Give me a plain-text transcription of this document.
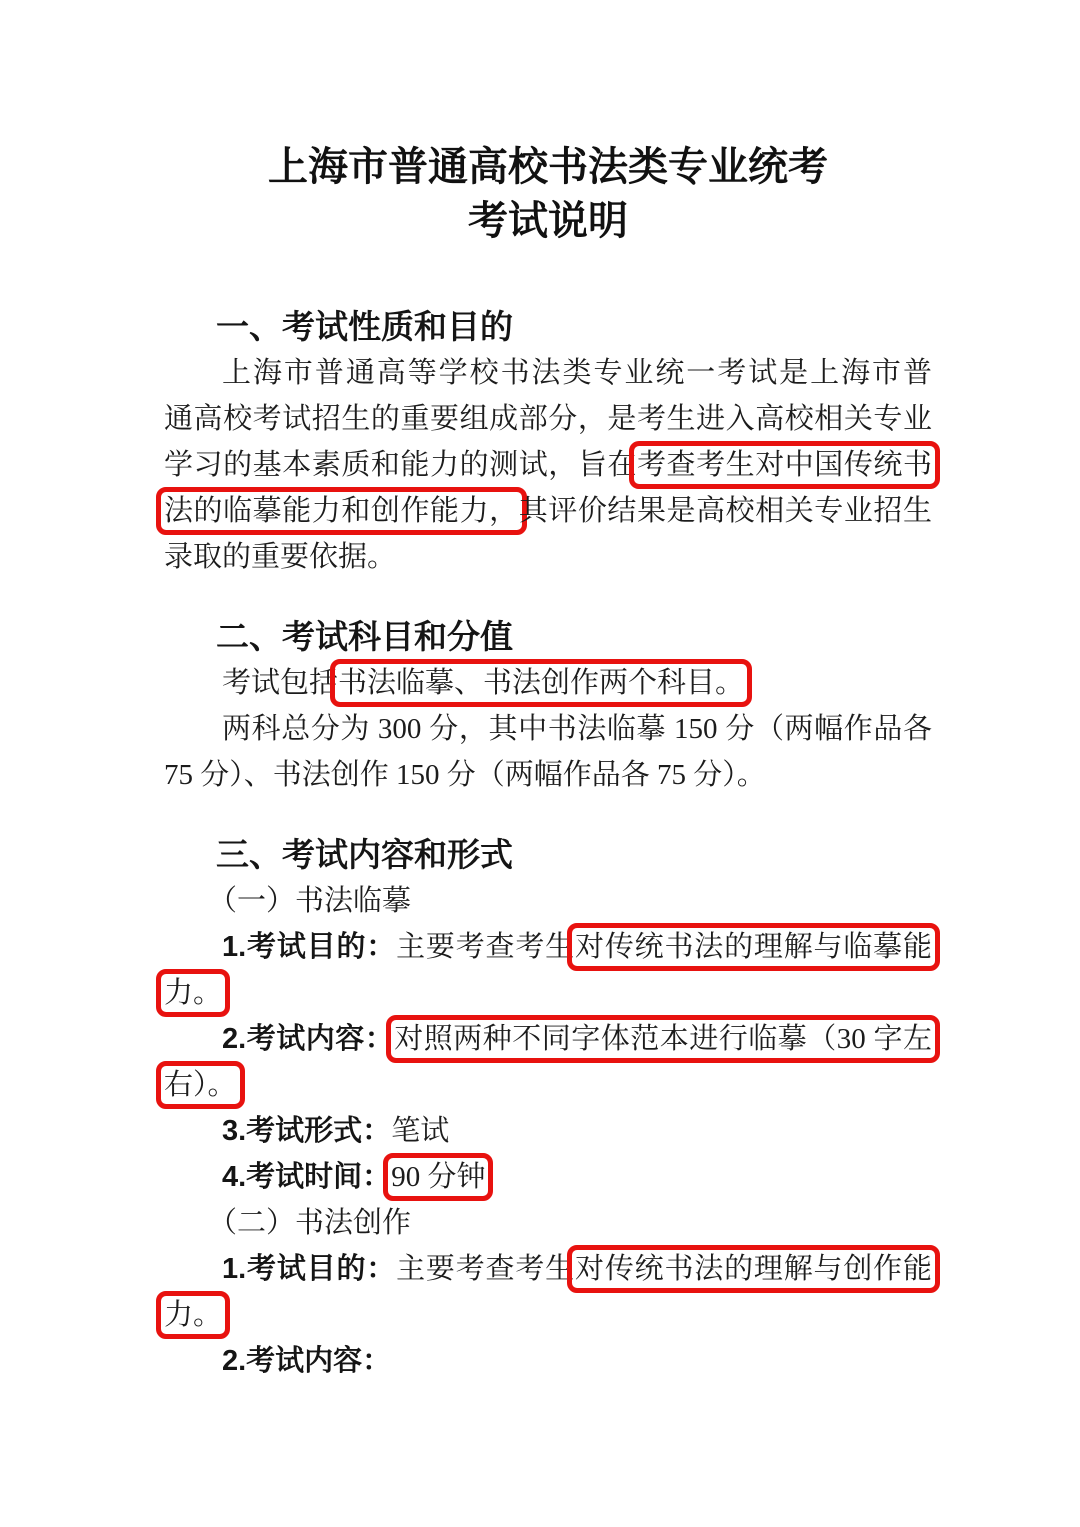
上海市普通高校书法类专业统考
考试说明
一、考试性质和目的
上海市普通高等学校书法类专业统一考试是上海市普
通高校考试招生的重要组成部分，是考生进入高校相关专业
学习的基本素质和能力的测试，旨在考查考生对中国传统书
法的临摹能力和创作能力，其评价结果是高校相关专业招生
录取的重要依据。
二、考试科目和分值
考试包括书法临摹、书法创作两个科目。
两科总分为 300 分，其中书法临摹 150 分（两幅作品各
75 分）、书法创作 150 分（两幅作品各 75 分）。
三、考试内容和形式
（一）书法临摹
1.考试目的：主要考查考生对传统书法的理解与临摹能
力。
2.考试内容：对照两种不同字体范本进行临摹（30 字左
右）。
3.考试形式：笔试
4.考试时间：90 分钟
（二）书法创作
1.考试目的：主要考查考生对传统书法的理解与创作能
力。
2.考试内容：
